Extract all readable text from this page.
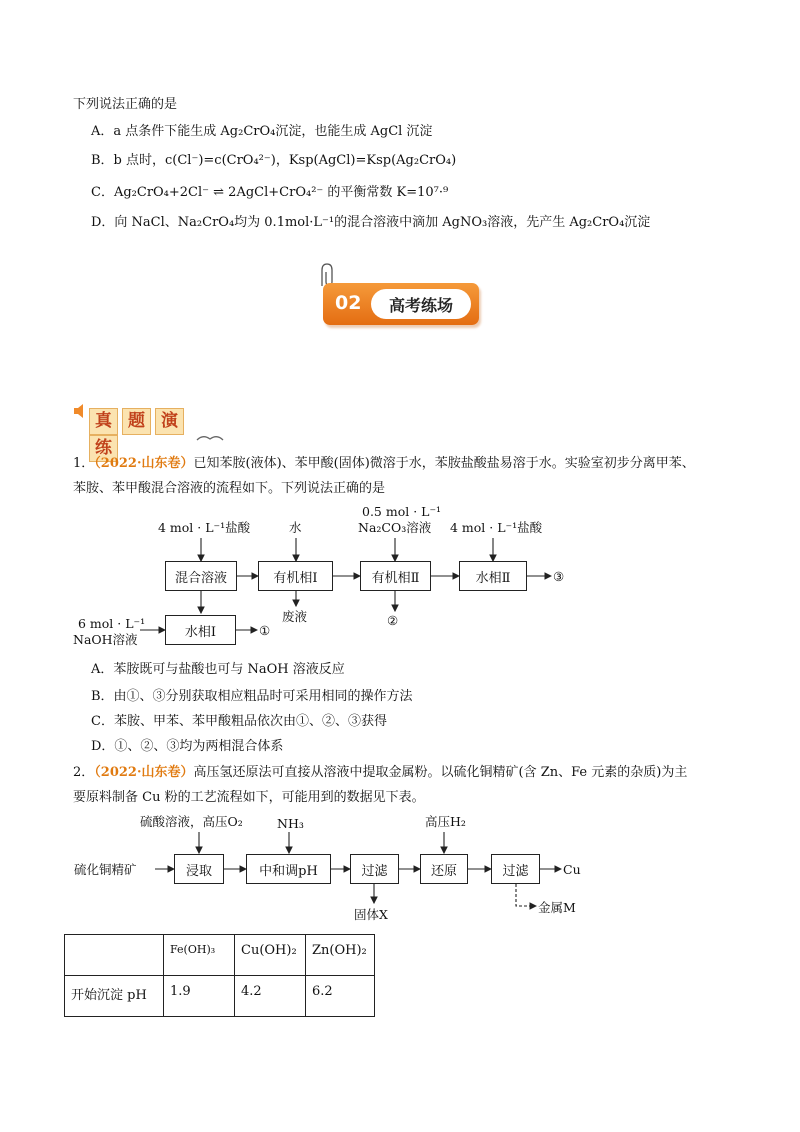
下列说法正确的是
A．a 点条件下能生成 Ag₂CrO₄沉淀，也能生成 AgCl 沉淀
B．b 点时，c(Cl⁻)=c(CrO₄²⁻)，Ksp(AgCl)=Ksp(Ag₂CrO₄)
C．Ag₂CrO₄+2Cl⁻ ⇌ 2AgCl+CrO₄²⁻ 的平衡常数 K=10⁷·⁹
D．向 NaCl、Na₂CrO₄均为 0.1mol·L⁻¹的混合溶液中滴加 AgNO₃溶液，先产生 Ag₂CrO₄沉淀
02	高考练场
真 题 演练
1．（2022·山东卷）已知苯胺(液体)、苯甲酸(固体)微溶于水，苯胺盐酸盐易溶于水。实验室初步分离甲苯、
苯胺、苯甲酸混合溶液的流程如下。下列说法正确的是
4 mol · L⁻¹盐酸	水
0.5 mol · L⁻¹
Na₂CO₃溶液 4 mol · L⁻¹盐酸
混合溶液	有机相Ⅰ	有机相Ⅱ	水相Ⅱ	③
废液	②
6 mol · L⁻¹
NaOH溶液	水相Ⅰ	①
A．苯胺既可与盐酸也可与 NaOH 溶液反应
B．由①、③分别获取相应粗品时可采用相同的操作方法
C．苯胺、甲苯、苯甲酸粗品依次由①、②、③获得
D．①、②、③均为两相混合体系
2．（2022·山东卷）高压氢还原法可直接从溶液中提取金属粉。以硫化铜精矿(含 Zn、Fe 元素的杂质)为主
要原料制备 Cu 粉的工艺流程如下，可能用到的数据见下表。
硫酸溶液，高压O₂	NH₃	高压H₂
硫化铜精矿	浸取	中和调pH	过滤	还原	过滤	Cu
固体X	金属M
	Fe(OH)₃	Cu(OH)₂	Zn(OH)₂
开始沉淀 pH	1.9	4.2	6.2
